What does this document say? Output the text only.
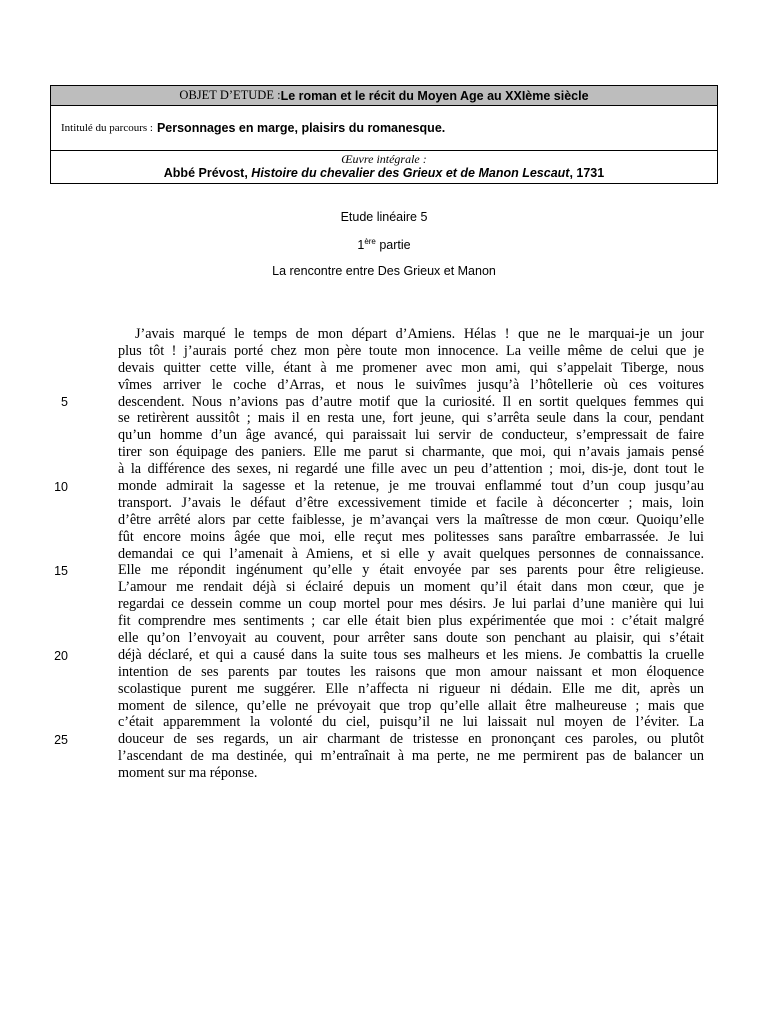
OBJET D’ETUDE : Le roman et le récit du Moyen Age au XXIème siècle
Intitulé du parcours : Personnages en marge, plaisirs du romanesque.
Œuvre intégrale :
Abbé Prévost, Histoire du chevalier des Grieux et de Manon Lescaut, 1731
Etude linéaire 5
1ère partie
La rencontre entre Des Grieux et Manon
J’avais marqué le temps de mon départ d’Amiens. Hélas ! que ne le marquai-je un jour
plus tôt ! j’aurais porté chez mon père toute mon innocence. La veille même de celui que je
devais quitter cette ville, étant à me promener avec mon ami, qui s’appelait Tiberge, nous
vîmes arriver le coche d’Arras, et nous le suivîmes jusqu’à l’hôtellerie où ces voitures
descendent. Nous n’avions pas d’autre motif que la curiosité. Il en sortit quelques femmes qui
se retirèrent aussitôt ; mais il en resta une, fort jeune, qui s’arrêta seule dans la cour, pendant
qu’un homme d’un âge avancé, qui paraissait lui servir de conducteur, s’empressait de faire
tirer son équipage des paniers. Elle me parut si charmante, que moi, qui n’avais jamais pensé
à la différence des sexes, ni regardé une fille avec un peu d’attention ; moi, dis-je, dont tout le
monde admirait la sagesse et la retenue, je me trouvai enflammé tout d’un coup jusqu’au
transport. J’avais le défaut d’être excessivement timide et facile à déconcerter ; mais, loin
d’être arrêté alors par cette faiblesse, je m’avançai vers la maîtresse de mon cœur. Quoiqu’elle
fût encore moins âgée que moi, elle reçut mes politesses sans paraître embarrassée. Je lui
demandai ce qui l’amenait à Amiens, et si elle y avait quelques personnes de connaissance.
Elle me répondit ingénument qu’elle y était envoyée par ses parents pour être religieuse.
L’amour me rendait déjà si éclairé depuis un moment qu’il était dans mon cœur, que je
regardai ce dessein comme un coup mortel pour mes désirs. Je lui parlai d’une manière qui lui
fit comprendre mes sentiments ; car elle était bien plus expérimentée que moi : c’était malgré
elle qu’on l’envoyait au couvent, pour arrêter sans doute son penchant au plaisir, qui s’était
déjà déclaré, et qui a causé dans la suite tous ses malheurs et les miens. Je combattis la cruelle
intention de ses parents par toutes les raisons que mon amour naissant et mon éloquence
scolastique purent me suggérer. Elle n’affecta ni rigueur ni dédain. Elle me dit, après un
moment de silence, qu’elle ne prévoyait que trop qu’elle allait être malheureuse ; mais que
c’était apparemment la volonté du ciel, puisqu’il ne lui laissait nul moyen de l’éviter. La
douceur de ses regards, un air charmant de tristesse en prononçant ces paroles, ou plutôt
l’ascendant de ma destinée, qui m’entraînait à ma perte, ne me permirent pas de balancer un
moment sur ma réponse.
5
10
15
20
25
